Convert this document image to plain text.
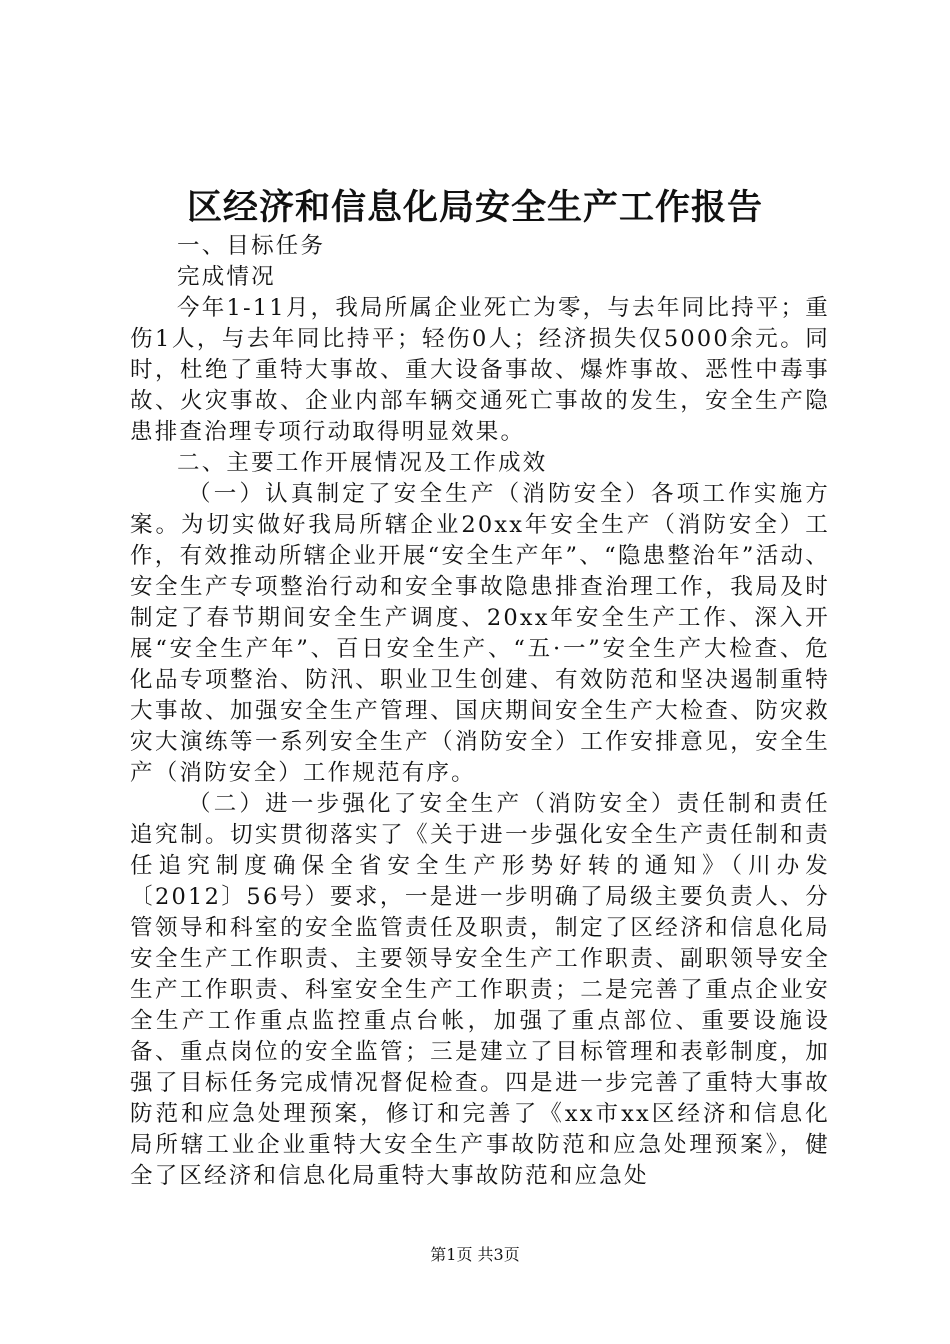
区经济和信息化局安全生产工作报告

一、目标任务

完成情况

今年1-11月，我局所属企业死亡为零，与去年同比持平；重伤1人，与去年同比持平；轻伤0人；经济损失仅5000余元。同时，杜绝了重特大事故、重大设备事故、爆炸事故、恶性中毒事故、火灾事故、企业内部车辆交通死亡事故的发生，安全生产隐患排查治理专项行动取得明显效果。

二、主要工作开展情况及工作成效

（一）认真制定了安全生产（消防安全）各项工作实施方案。为切实做好我局所辖企业20xx年安全生产（消防安全）工作，有效推动所辖企业开展“安全生产年”、“隐患整治年”活动、安全生产专项整治行动和安全事故隐患排查治理工作，我局及时制定了春节期间安全生产调度、20xx年安全生产工作、深入开展“安全生产年”、百日安全生产、“五·一”安全生产大检查、危化品专项整治、防汛、职业卫生创建、有效防范和坚决遏制重特大事故、加强安全生产管理、国庆期间安全生产大检查、防灾救灾大演练等一系列安全生产（消防安全）工作安排意见，安全生产（消防安全）工作规范有序。

（二）进一步强化了安全生产（消防安全）责任制和责任追究制。切实贯彻落实了《关于进一步强化安全生产责任制和责任追究制度确保全省安全生产形势好转的通知》（川办发〔2012〕56号）要求，一是进一步明确了局级主要负责人、分管领导和科室的安全监管责任及职责，制定了区经济和信息化局安全生产工作职责、主要领导安全生产工作职责、副职领导安全生产工作职责、科室安全生产工作职责；二是完善了重点企业安全生产工作重点监控重点台帐，加强了重点部位、重要设施设备、重点岗位的安全监管；三是建立了目标管理和表彰制度，加强了目标任务完成情况督促检查。四是进一步完善了重特大事故防范和应急处理预案，修订和完善了《xx市xx区经济和信息化局所辖工业企业重特大安全生产事故防范和应急处理预案》，健全了区经济和信息化局重特大事故防范和应急处

第1页 共3页
